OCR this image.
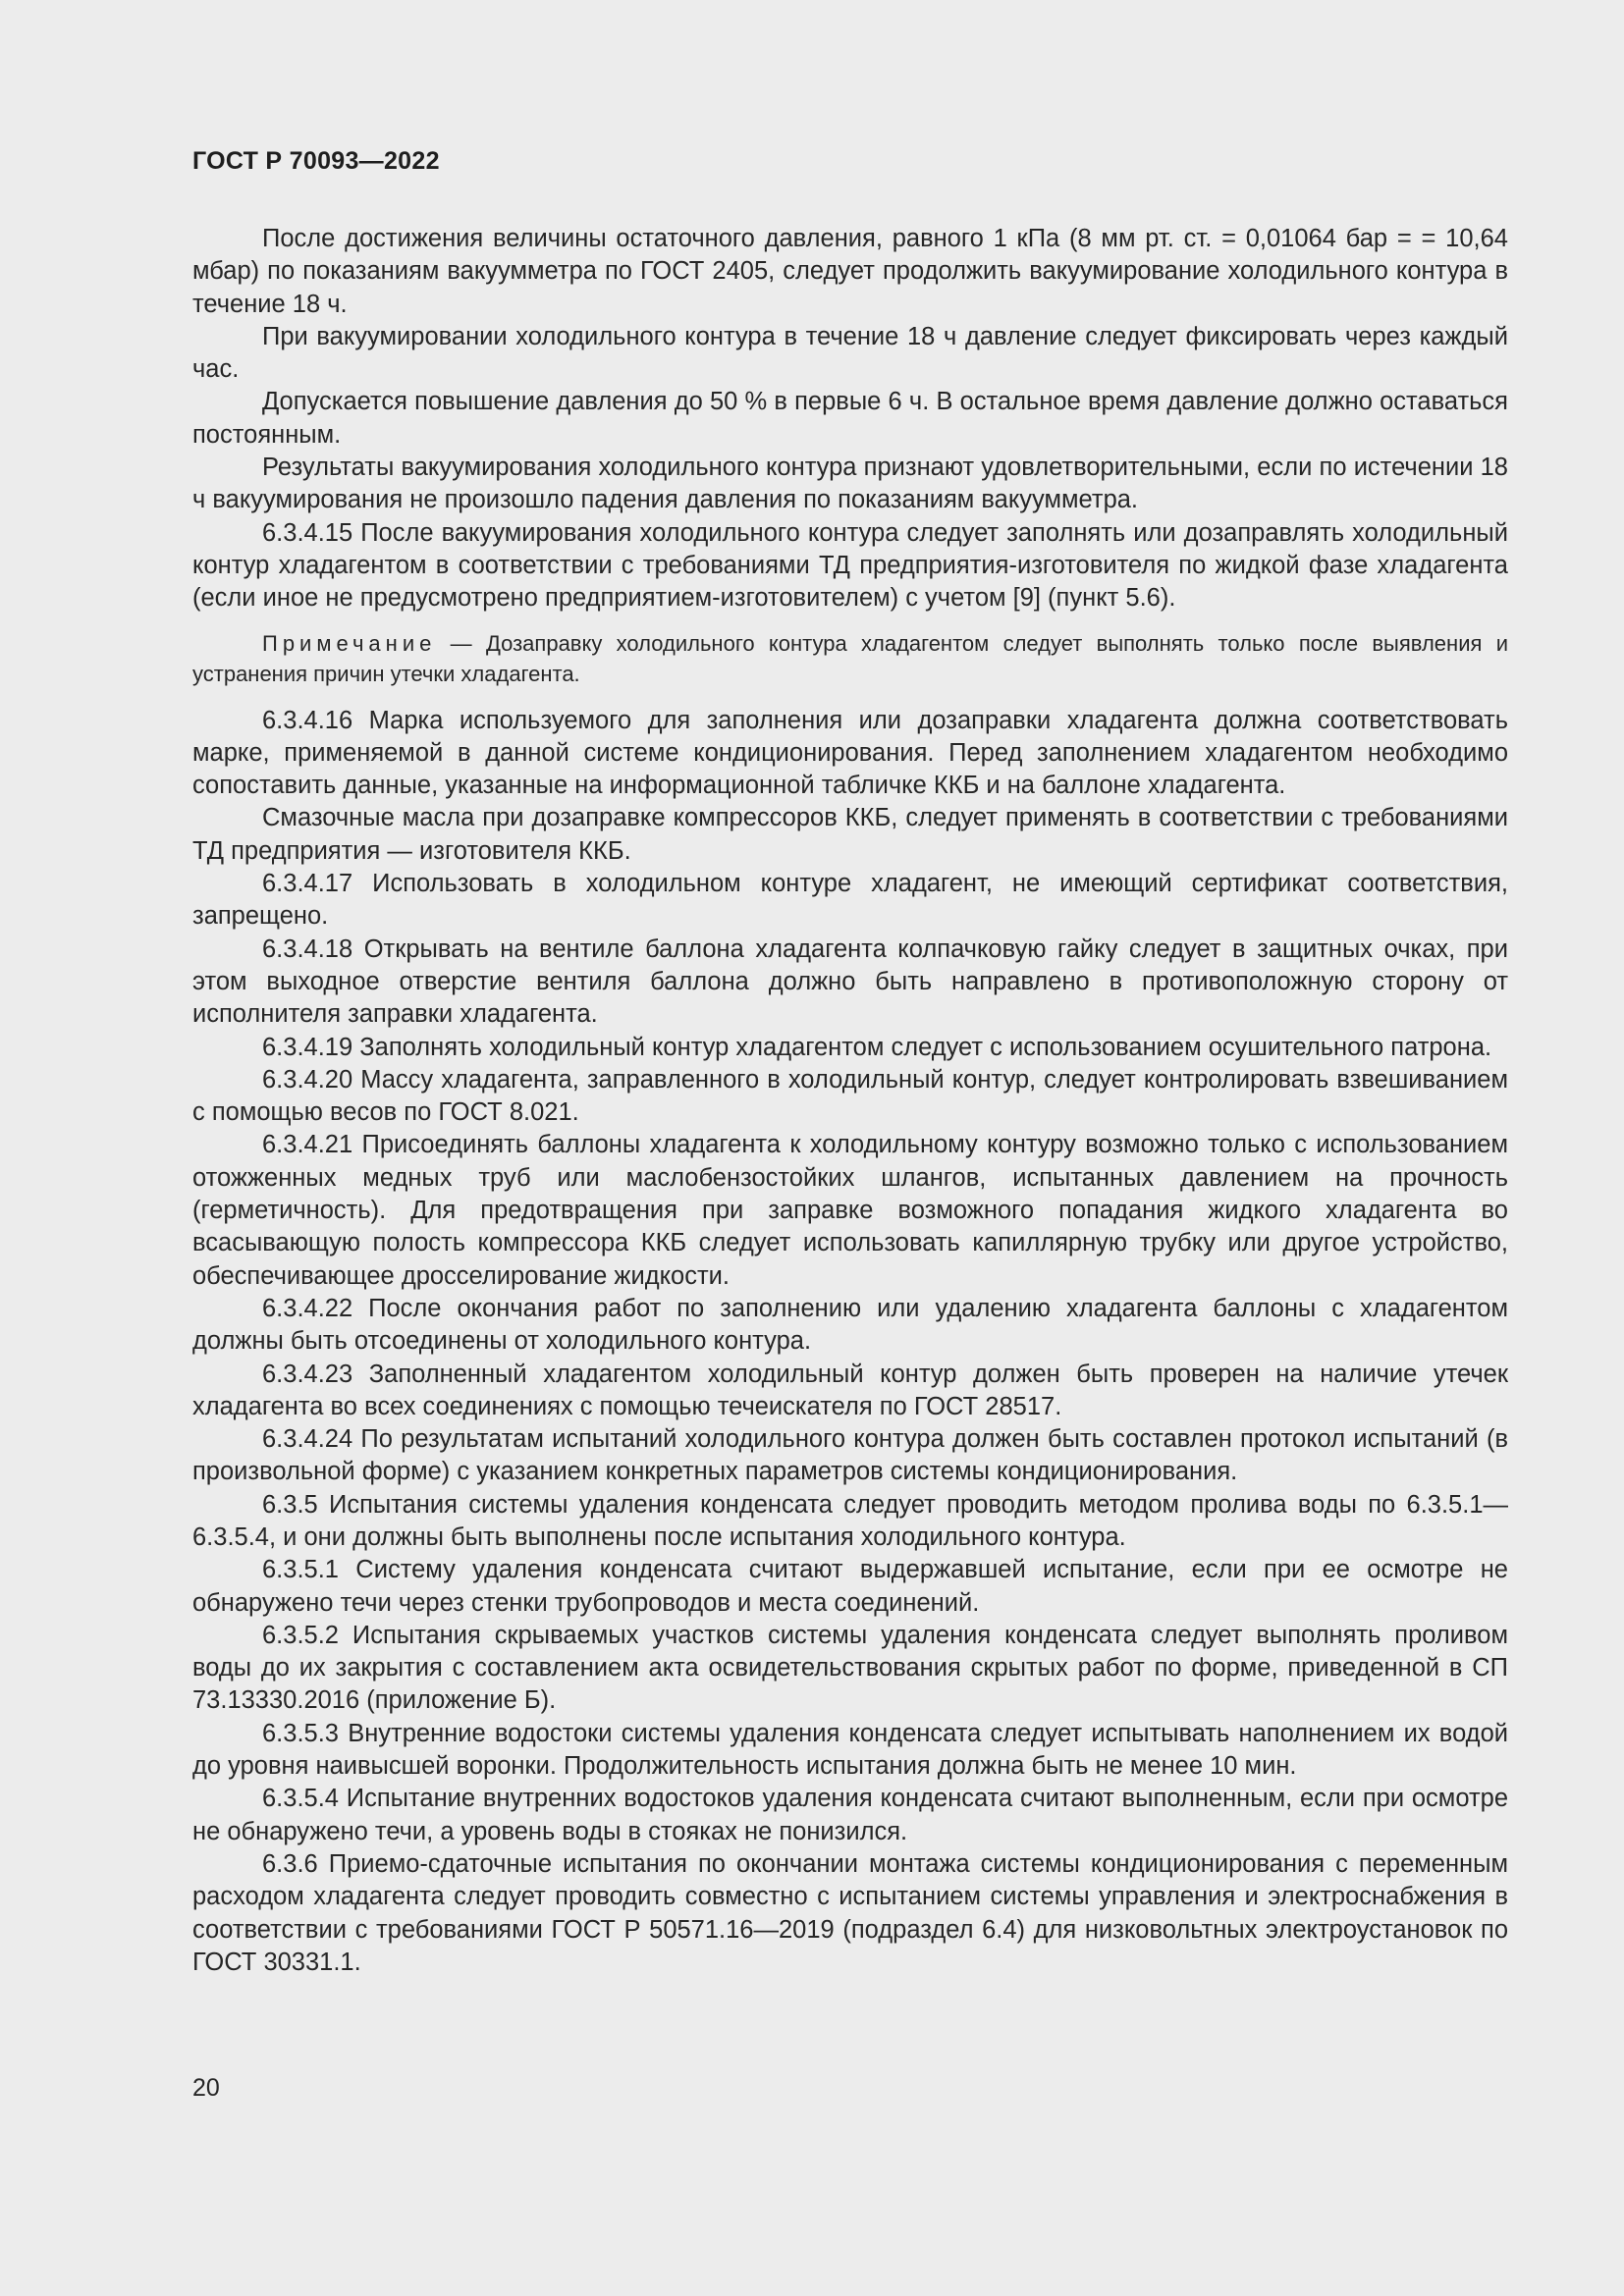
ГОСТ Р 70093—2022

После достижения величины остаточного давления, равного 1 кПа (8 мм рт. ст. = 0,01064 бар = = 10,64 мбар) по показаниям вакуумметра по ГОСТ 2405, следует продолжить вакуумирование холодильного контура в течение 18 ч.

При вакуумировании холодильного контура в течение 18 ч давление следует фиксировать через каждый час.

Допускается повышение давления до 50 % в первые 6 ч. В остальное время давление должно оставаться постоянным.

Результаты вакуумирования холодильного контура признают удовлетворительными, если по истечении 18 ч вакуумирования не произошло падения давления по показаниям вакуумметра.

6.3.4.15 После вакуумирования холодильного контура следует заполнять или дозаправлять холодильный контур хладагентом в соответствии с требованиями ТД предприятия-изготовителя по жидкой фазе хладагента (если иное не предусмотрено предприятием-изготовителем) с учетом [9] (пункт 5.6).

Примечание — Дозаправку холодильного контура хладагентом следует выполнять только после выявления и устранения причин утечки хладагента.

6.3.4.16 Марка используемого для заполнения или дозаправки хладагента должна соответствовать марке, применяемой в данной системе кондиционирования. Перед заполнением хладагентом необходимо сопоставить данные, указанные на информационной табличке ККБ и на баллоне хладагента.

Смазочные масла при дозаправке компрессоров ККБ, следует применять в соответствии с требованиями ТД предприятия — изготовителя ККБ.

6.3.4.17 Использовать в холодильном контуре хладагент, не имеющий сертификат соответствия, запрещено.

6.3.4.18 Открывать на вентиле баллона хладагента колпачковую гайку следует в защитных очках, при этом выходное отверстие вентиля баллона должно быть направлено в противоположную сторону от исполнителя заправки хладагента.

6.3.4.19 Заполнять холодильный контур хладагентом следует с использованием осушительного патрона.

6.3.4.20 Массу хладагента, заправленного в холодильный контур, следует контролировать взвешиванием с помощью весов по ГОСТ 8.021.

6.3.4.21 Присоединять баллоны хладагента к холодильному контуру возможно только с использованием отожженных медных труб или маслобензостойких шлангов, испытанных давлением на прочность (герметичность). Для предотвращения при заправке возможного попадания жидкого хладагента во всасывающую полость компрессора ККБ следует использовать капиллярную трубку или другое устройство, обеспечивающее дросселирование жидкости.

6.3.4.22 После окончания работ по заполнению или удалению хладагента баллоны с хладагентом должны быть отсоединены от холодильного контура.

6.3.4.23 Заполненный хладагентом холодильный контур должен быть проверен на наличие утечек хладагента во всех соединениях с помощью течеискателя по ГОСТ 28517.

6.3.4.24 По результатам испытаний холодильного контура должен быть составлен протокол испытаний (в произвольной форме) с указанием конкретных параметров системы кондиционирования.

6.3.5 Испытания системы удаления конденсата следует проводить методом пролива воды по 6.3.5.1—6.3.5.4, и они должны быть выполнены после испытания холодильного контура.

6.3.5.1 Систему удаления конденсата считают выдержавшей испытание, если при ее осмотре не обнаружено течи через стенки трубопроводов и места соединений.

6.3.5.2 Испытания скрываемых участков системы удаления конденсата следует выполнять проливом воды до их закрытия с составлением акта освидетельствования скрытых работ по форме, приведенной в СП 73.13330.2016 (приложение Б).

6.3.5.3 Внутренние водостоки системы удаления конденсата следует испытывать наполнением их водой до уровня наивысшей воронки. Продолжительность испытания должна быть не менее 10 мин.

6.3.5.4 Испытание внутренних водостоков удаления конденсата считают выполненным, если при осмотре не обнаружено течи, а уровень воды в стояках не понизился.

6.3.6 Приемо-сдаточные испытания по окончании монтажа системы кондиционирования с переменным расходом хладагента следует проводить совместно с испытанием системы управления и электроснабжения в соответствии с требованиями ГОСТ Р 50571.16—2019 (подраздел 6.4) для низковольтных электроустановок по ГОСТ 30331.1.

20
